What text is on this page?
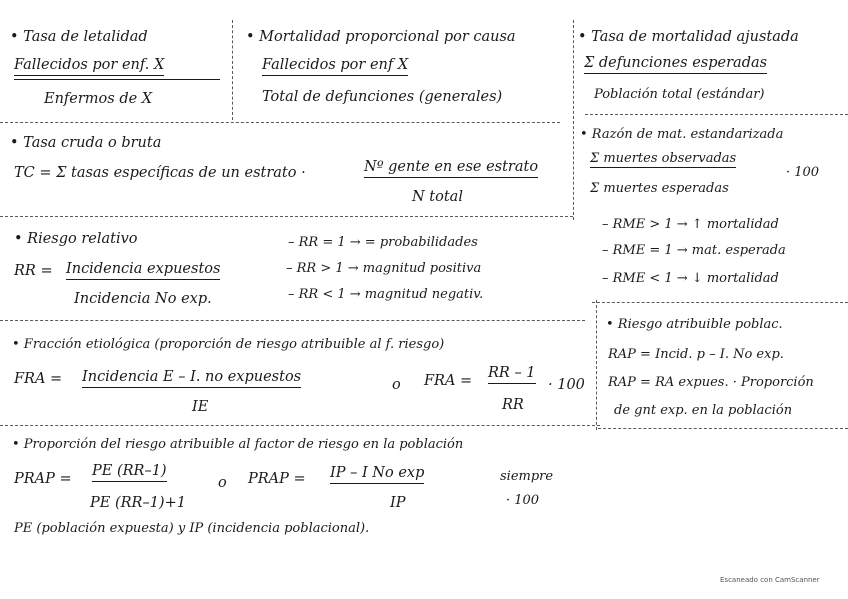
• Tasa de letalidad
Fallecidos por enf. X
Enfermos de X
• Mortalidad proporcional por causa
Fallecidos por enf X
Total de defunciones (generales)
• Tasa de mortalidad ajustada
Σ defunciones esperadas
Población total (estándar)
• Tasa cruda o bruta
TC = Σ tasas específicas de un estrato ·	Nº gente en ese estrato
N total
• Razón de mat. estandarizada
Σ muertes observadas
Σ muertes esperadas
· 100
– RME > 1 → ↑ mortalidad
– RME = 1 → mat. esperada
– RME < 1 → ↓ mortalidad
• Riesgo relativo
RR = Incidencia expuestos
Incidencia No exp.
– RR = 1 → = probabilidades
– RR > 1 → magnitud positiva
– RR < 1 → magnitud negativ.
• Fracción etiológica (proporción de riesgo atribuible al f. riesgo)
FRA = Incidencia E – I. no expuestos
IE
o FRA = RR – 1
RR
· 100
• Riesgo atribuible poblac.
RAP = Incid. p – I. No exp.
RAP = RA expues. · Proporción
de gnt exp. en la población
• Proporción del riesgo atribuible al factor de riesgo en la población
PRAP = PE (RR–1)
PE (RR–1)+1
o PRAP = IP – I No exp
IP
siempre
· 100
PE (población expuesta) y IP (incidencia poblacional).
Escaneado con CamScanner
